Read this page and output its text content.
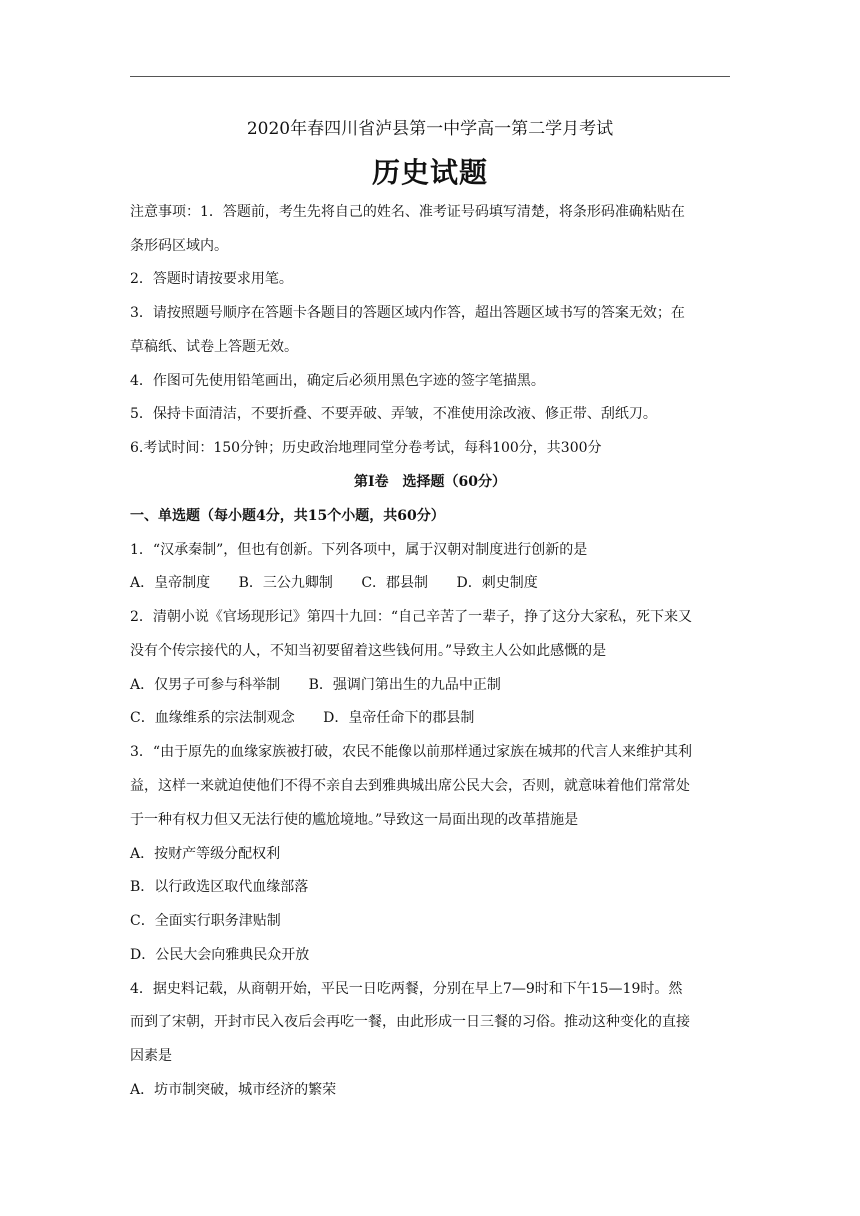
2020年春四川省泸县第一中学高一第二学月考试
历史试题
注意事项：1．答题前，考生先将自己的姓名、准考证号码填写清楚，将条形码准确粘贴在
条形码区域内。
2．答题时请按要求用笔。
3．请按照题号顺序在答题卡各题目的答题区域内作答，超出答题区域书写的答案无效；在
草稿纸、试卷上答题无效。
4．作图可先使用铅笔画出，确定后必须用黑色字迹的签字笔描黑。
5．保持卡面清洁，不要折叠、不要弄破、弄皱，不准使用涂改液、修正带、刮纸刀。
6.考试时间：150分钟；历史政治地理同堂分卷考试，每科100分，共300分
第Ⅰ卷　选择题（60分）
一、单选题（每小题4分，共15个小题，共60分）
1．“汉承秦制”，但也有创新。下列各项中，属于汉朝对制度进行创新的是
A．皇帝制度 B．三公九卿制 C．郡县制 D．刺史制度
2．清朝小说《官场现形记》第四十九回：“自己辛苦了一辈子，挣了这分大家私，死下来又
没有个传宗接代的人，不知当初要留着这些钱何用。”导致主人公如此感慨的是
A．仅男子可参与科举制 B．强调门第出生的九品中正制
C．血缘维系的宗法制观念 D．皇帝任命下的郡县制
3．“由于原先的血缘家族被打破，农民不能像以前那样通过家族在城邦的代言人来维护其利
益，这样一来就迫使他们不得不亲自去到雅典城出席公民大会，否则，就意味着他们常常处
于一种有权力但又无法行使的尴尬境地。”导致这一局面出现的改革措施是
A．按财产等级分配权利
B．以行政选区取代血缘部落
C．全面实行职务津贴制
D．公民大会向雅典民众开放
4．据史料记载，从商朝开始，平民一日吃两餐，分别在早上7—9时和下午15—19时。然
而到了宋朝，开封市民入夜后会再吃一餐，由此形成一日三餐的习俗。推动这种变化的直接
因素是
A．坊市制突破，城市经济的繁荣
